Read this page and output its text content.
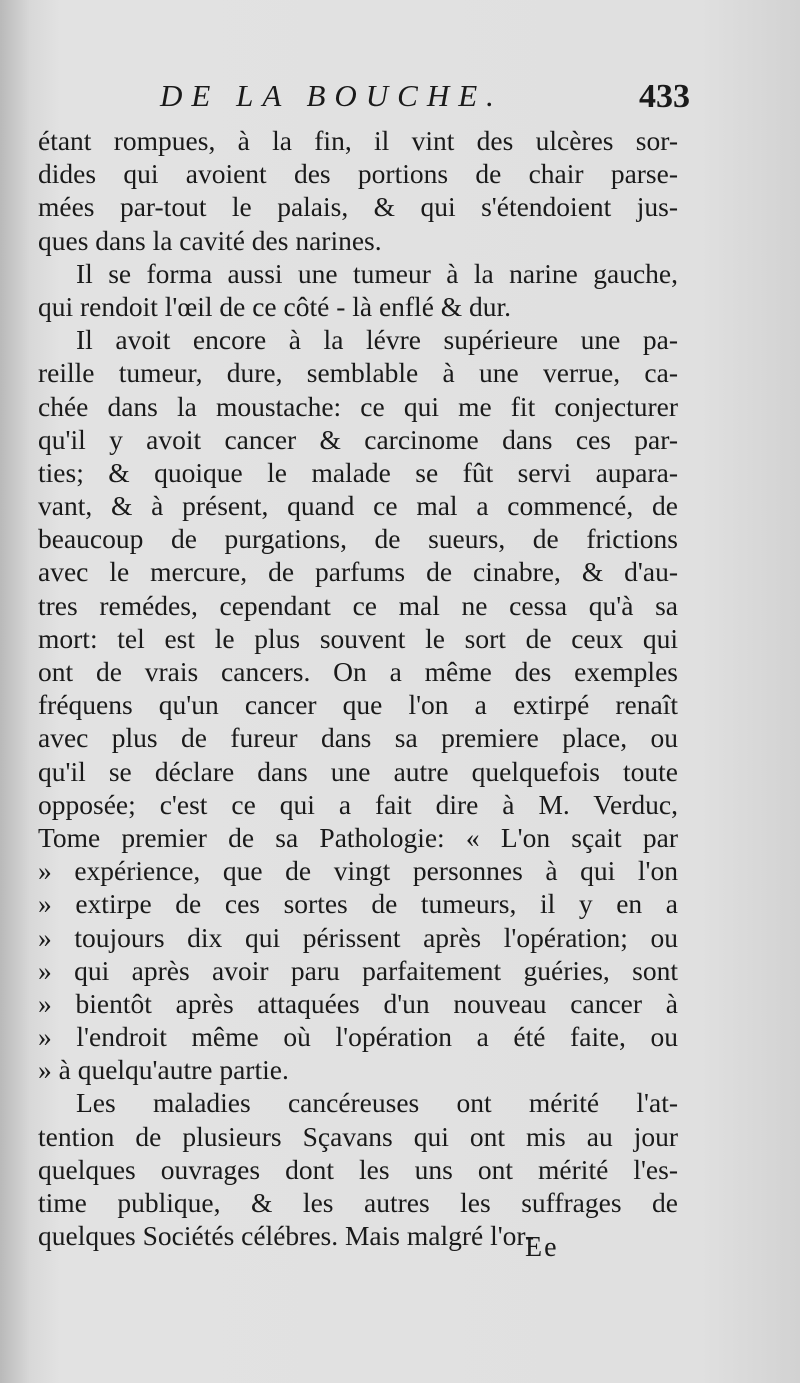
DE LA BOUCHE.	433
étant rompues, à la fin, il vint des ulcères sor-
dides qui avoient des portions de chair parse-
mées par-tout le palais, & qui s'étendoient jus-
ques dans la cavité des narines.
Il se forma aussi une tumeur à la narine gauche,
qui rendoit l'œil de ce côté - là enflé & dur.
Il avoit encore à la lévre supérieure une pa-
reille tumeur, dure, semblable à une verrue, ca-
chée dans la moustache: ce qui me fit conjecturer
qu'il y avoit cancer & carcinome dans ces par-
ties; & quoique le malade se fût servi aupara-
vant, & à présent, quand ce mal a commencé, de
beaucoup de purgations, de sueurs, de frictions
avec le mercure, de parfums de cinabre, & d'au-
tres remédes, cependant ce mal ne cessa qu'à sa
mort: tel est le plus souvent le sort de ceux qui
ont de vrais cancers. On a même des exemples
fréquens qu'un cancer que l'on a extirpé renaît
avec plus de fureur dans sa premiere place, ou
qu'il se déclare dans une autre quelquefois toute
opposée; c'est ce qui a fait dire à M. Verduc,
Tome premier de sa Pathologie: « L'on sçait par
» expérience, que de vingt personnes à qui l'on
» extirpe de ces sortes de tumeurs, il y en a
» toujours dix qui périssent après l'opération; ou
» qui après avoir paru parfaitement guéries, sont
» bientôt après attaquées d'un nouveau cancer à
» l'endroit même où l'opération a été faite, ou
» à quelqu'autre partie.
Les maladies cancéreuses ont mérité l'at-
tention de plusieurs Sçavans qui ont mis au jour
quelques ouvrages dont les uns ont mérité l'es-
time publique, & les autres les suffrages de
quelques Sociétés célébres. Mais malgré l'or-
Ee
